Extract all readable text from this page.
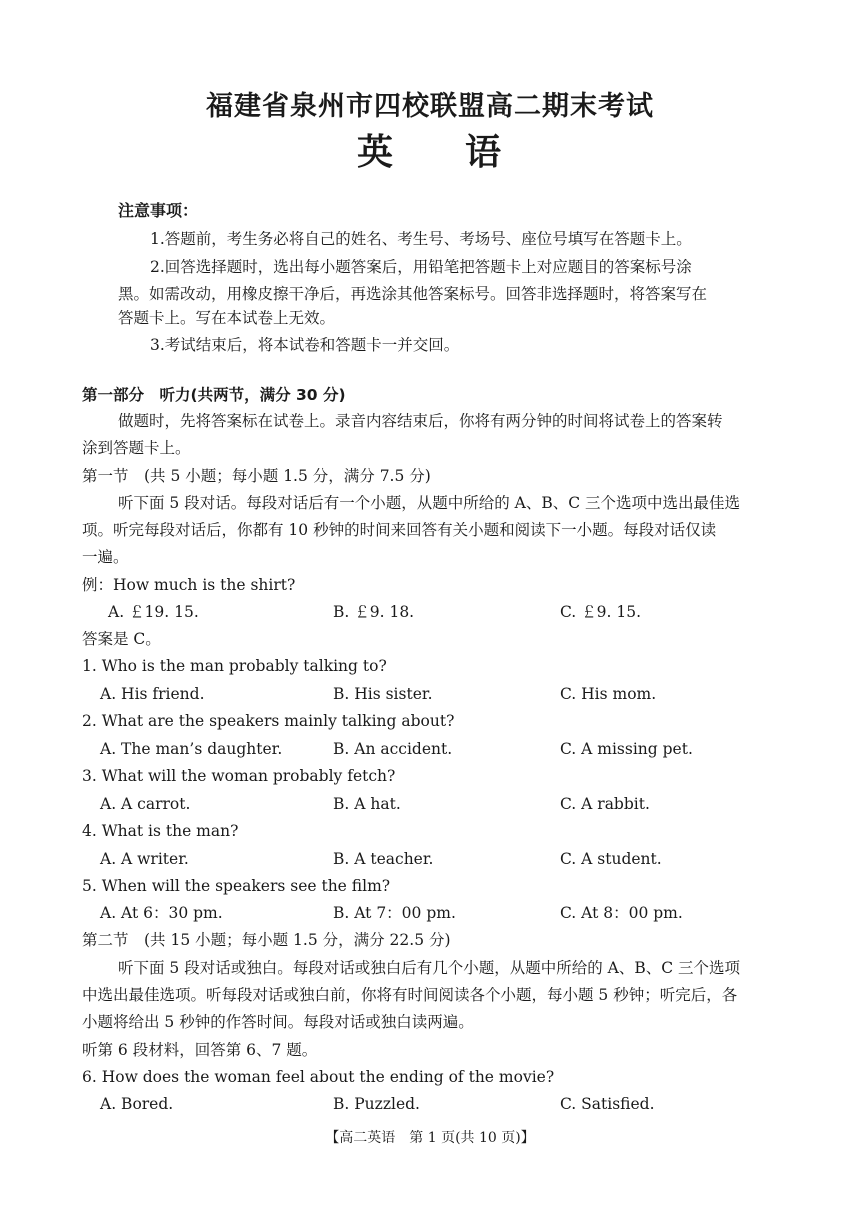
福建省泉州市四校联盟高二期末考试
英 语
注意事项：
1.答题前，考生务必将自己的姓名、考生号、考场号、座位号填写在答题卡上。
2.回答选择题时，选出每小题答案后，用铅笔把答题卡上对应题目的答案标号涂
黑。如需改动，用橡皮擦干净后，再选涂其他答案标号。回答非选择题时，将答案写在
答题卡上。写在本试卷上无效。
3.考试结束后，将本试卷和答题卡一并交回。
第一部分　听力(共两节，满分 30 分)
做题时，先将答案标在试卷上。录音内容结束后，你将有两分钟的时间将试卷上的答案转
涂到答题卡上。
第一节　(共 5 小题；每小题 1.5 分，满分 7.5 分)
听下面 5 段对话。每段对话后有一个小题，从题中所给的 A、B、C 三个选项中选出最佳选
项。听完每段对话后，你都有 10 秒钟的时间来回答有关小题和阅读下一小题。每段对话仅读
一遍。
例：How much is the shirt?
A. ￡19. 15.	B. ￡9. 18.	C. ￡9. 15.
答案是 C。
1. Who is the man probably talking to?
A. His friend.	B. His sister.	C. His mom.
2. What are the speakers mainly talking about?
A. The man’s daughter.	B. An accident.	C. A missing pet.
3. What will the woman probably fetch?
A. A carrot.	B. A hat.	C. A rabbit.
4. What is the man?
A. A writer.	B. A teacher.	C. A student.
5. When will the speakers see the film?
A. At 6：30 pm.	B. At 7：00 pm.	C. At 8：00 pm.
第二节　(共 15 小题；每小题 1.5 分，满分 22.5 分)
听下面 5 段对话或独白。每段对话或独白后有几个小题，从题中所给的 A、B、C 三个选项
中选出最佳选项。听每段对话或独白前，你将有时间阅读各个小题，每小题 5 秒钟；听完后，各
小题将给出 5 秒钟的作答时间。每段对话或独白读两遍。
听第 6 段材料，回答第 6、7 题。
6. How does the woman feel about the ending of the movie?
A. Bored.	B. Puzzled.	C. Satisfied.
【高二英语　第 1 页(共 10 页)】
